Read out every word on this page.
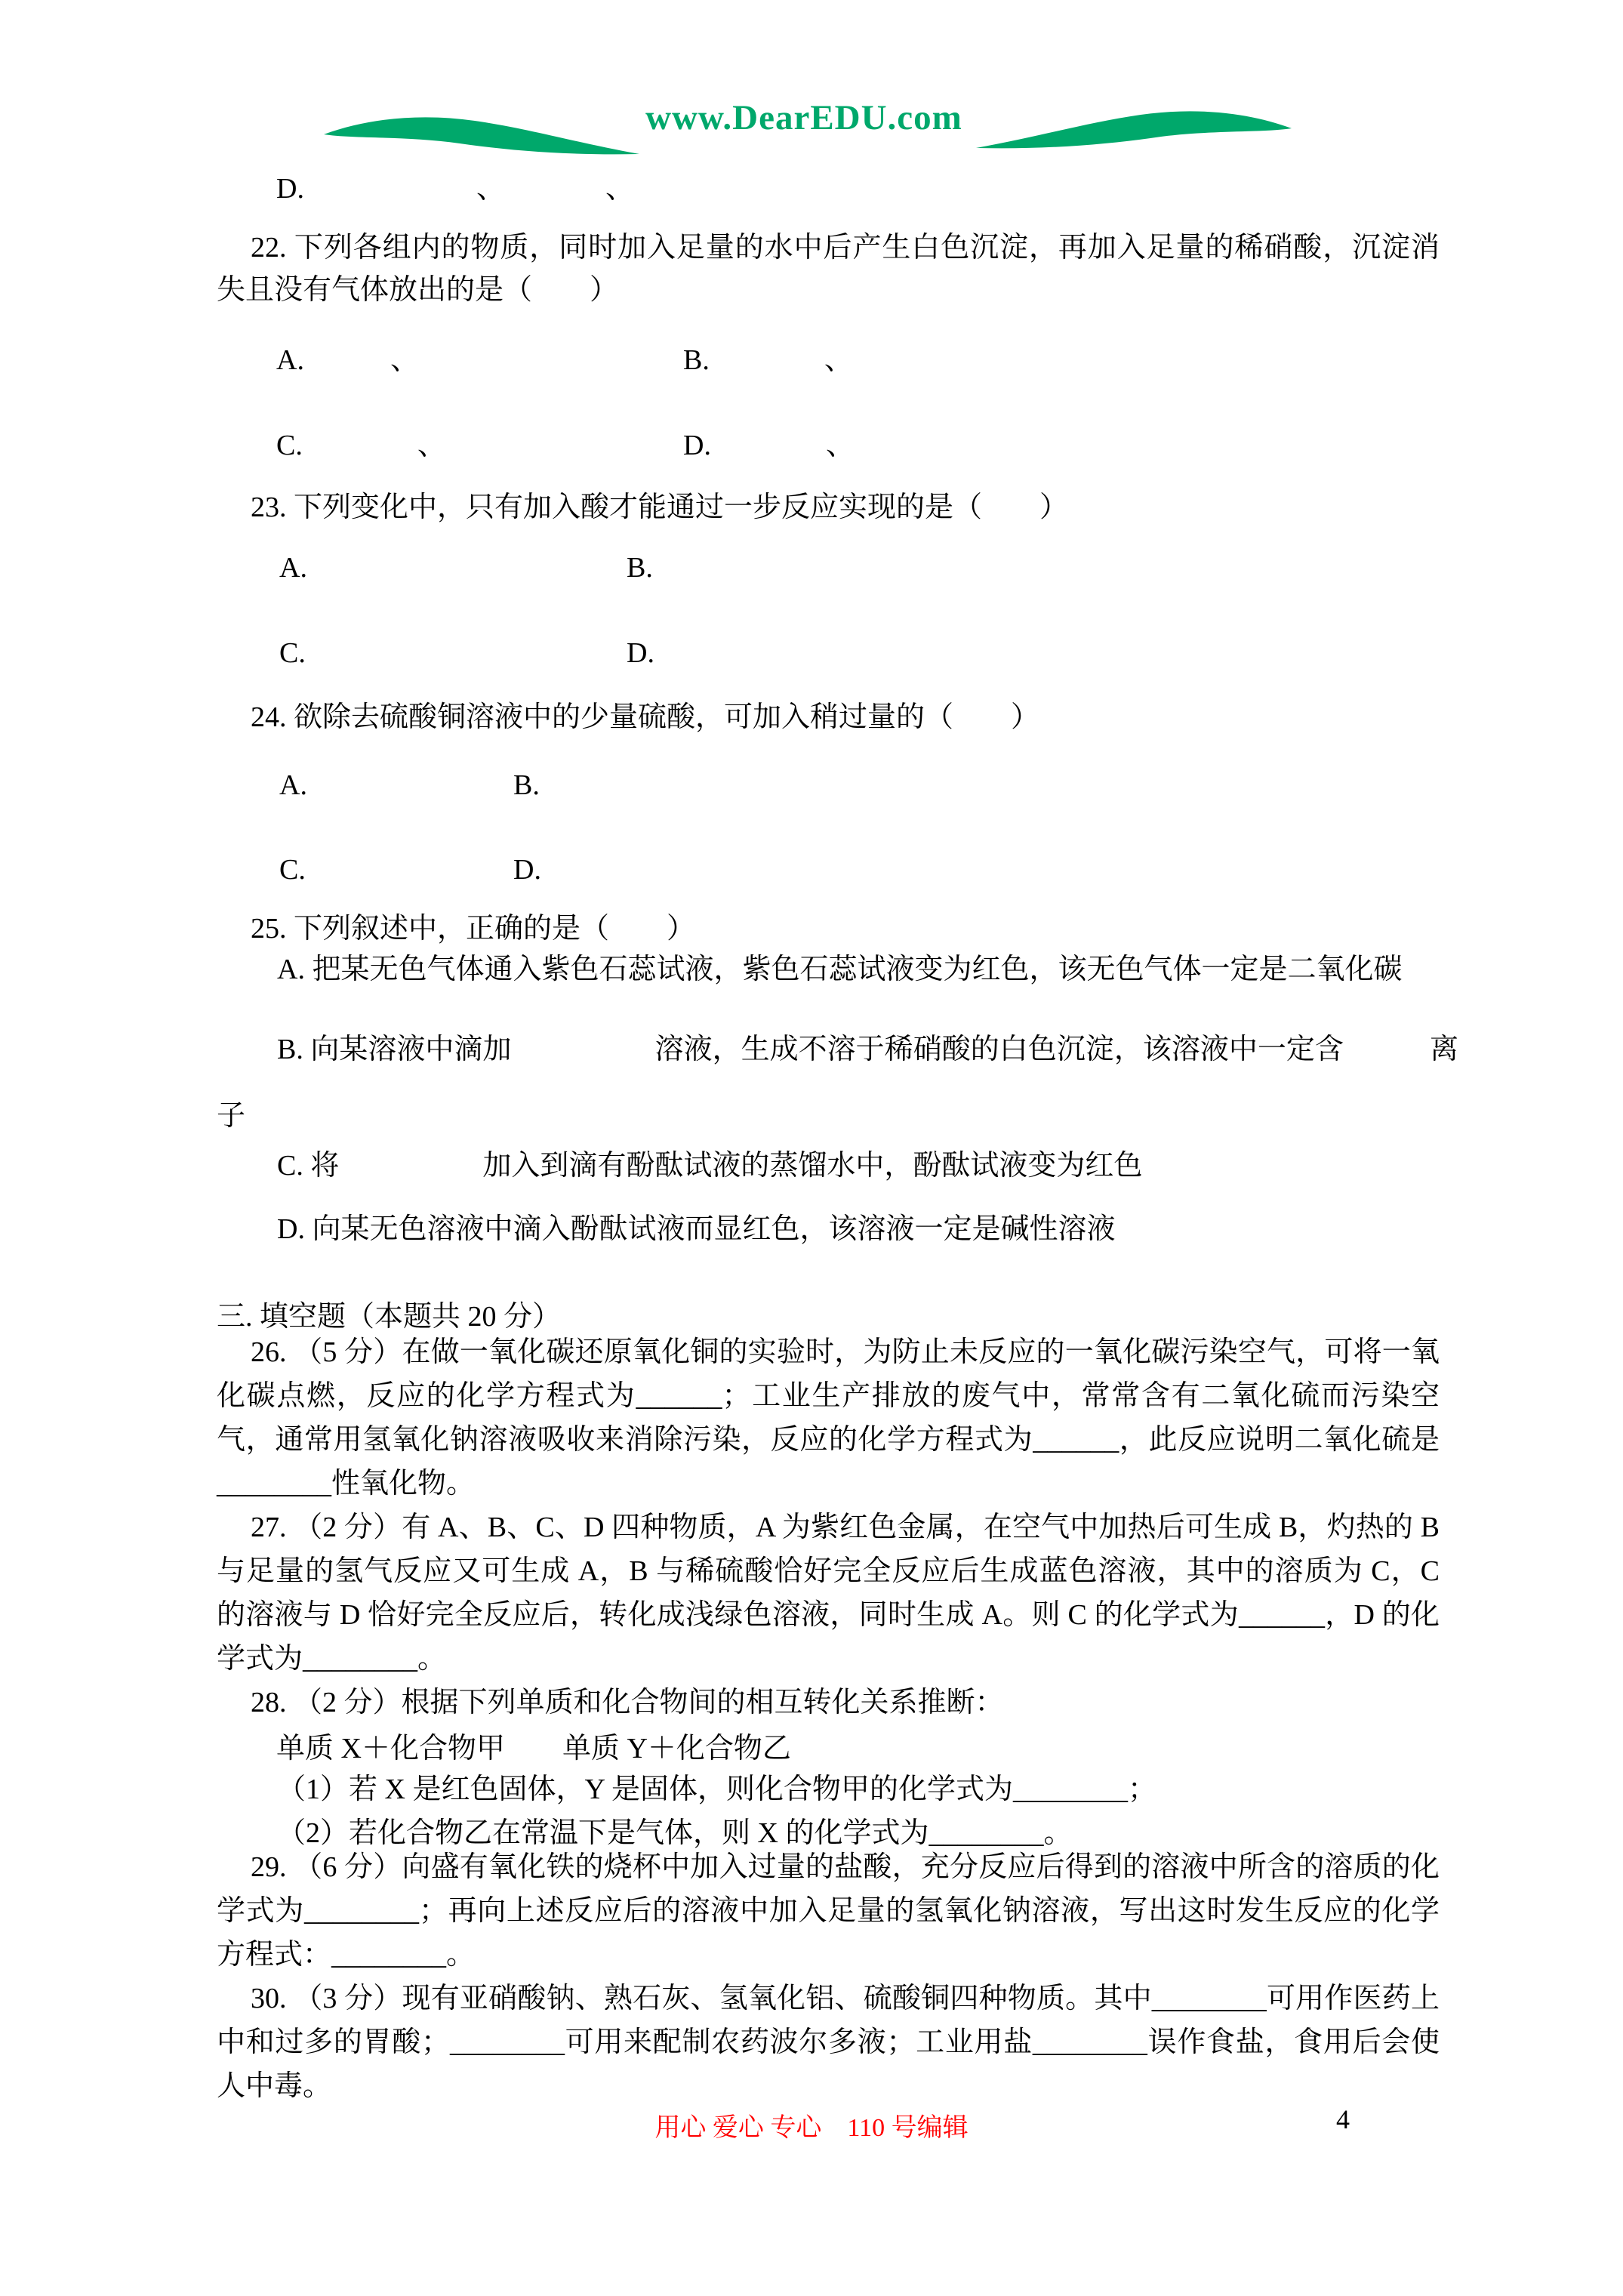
www.DearEDU.com
D.　　　　　　、　　　　、
22. 下列各组内的物质，同时加入足量的水中后产生白色沉淀，再加入足量的稀硝酸，沉淀消失且没有气体放出的是（　　）
A.　　　、	B.　　　　、
C.　　　　、	D.　　　　、
23. 下列变化中，只有加入酸才能通过一步反应实现的是（　　）
A.	B.
C.	D.
24. 欲除去硫酸铜溶液中的少量硫酸，可加入稍过量的（　　）
A.	B.
C.	D.
25. 下列叙述中，正确的是（　　）
A. 把某无色气体通入紫色石蕊试液，紫色石蕊试液变为红色，该无色气体一定是二氧化碳
B. 向某溶液中滴加　　　　　溶液，生成不溶于稀硝酸的白色沉淀，该溶液中一定含　　　离子
C. 将　　　　　加入到滴有酚酞试液的蒸馏水中，酚酞试液变为红色
D. 向某无色溶液中滴入酚酞试液而显红色，该溶液一定是碱性溶液
三. 填空题（本题共 20 分）
26. （5 分）在做一氧化碳还原氧化铜的实验时，为防止未反应的一氧化碳污染空气，可将一氧化碳点燃，反应的化学方程式为______；工业生产排放的废气中，常常含有二氧化硫而污染空气，通常用氢氧化钠溶液吸收来消除污染，反应的化学方程式为______，此反应说明二氧化硫是________性氧化物。
27. （2 分）有 A、B、C、D 四种物质，A 为紫红色金属，在空气中加热后可生成 B，灼热的 B 与足量的氢气反应又可生成 A，B 与稀硫酸恰好完全反应后生成蓝色溶液，其中的溶质为 C，C 的溶液与 D 恰好完全反应后，转化成浅绿色溶液，同时生成 A。则 C 的化学式为______，D 的化学式为________。
28. （2 分）根据下列单质和化合物间的相互转化关系推断：
单质 X＋化合物甲　　单质 Y＋化合物乙
（1）若 X 是红色固体，Y 是固体，则化合物甲的化学式为________；
（2）若化合物乙在常温下是气体，则 X 的化学式为________。
29. （6 分）向盛有氧化铁的烧杯中加入过量的盐酸，充分反应后得到的溶液中所含的溶质的化学式为________；再向上述反应后的溶液中加入足量的氢氧化钠溶液，写出这时发生反应的化学方程式：________。
30. （3 分）现有亚硝酸钠、熟石灰、氢氧化铝、硫酸铜四种物质。其中________可用作医药上中和过多的胃酸；________可用来配制农药波尔多液；工业用盐________误作食盐，食用后会使人中毒。
用心 爱心 专心　110 号编辑	4
